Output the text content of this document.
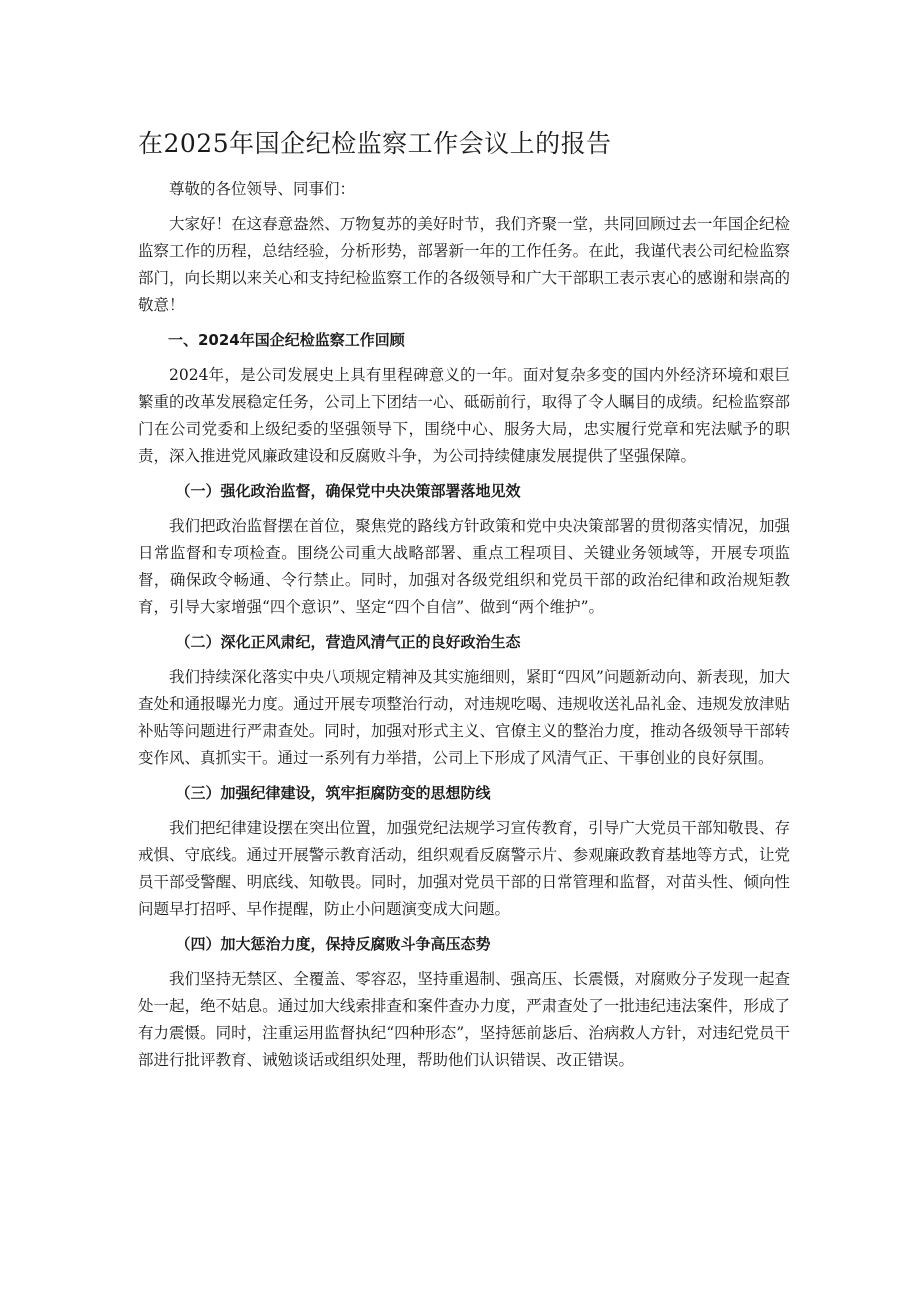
在2025年国企纪检监察工作会议上的报告

尊敬的各位领导、同事们：

大家好！在这春意盎然、万物复苏的美好时节，我们齐聚一堂，共同回顾过去一年国企纪检监察工作的历程，总结经验，分析形势，部署新一年的工作任务。在此，我谨代表公司纪检监察部门，向长期以来关心和支持纪检监察工作的各级领导和广大干部职工表示衷心的感谢和崇高的敬意！

一、2024年国企纪检监察工作回顾

2024年，是公司发展史上具有里程碑意义的一年。面对复杂多变的国内外经济环境和艰巨繁重的改革发展稳定任务，公司上下团结一心、砥砺前行，取得了令人瞩目的成绩。纪检监察部门在公司党委和上级纪委的坚强领导下，围绕中心、服务大局，忠实履行党章和宪法赋予的职责，深入推进党风廉政建设和反腐败斗争，为公司持续健康发展提供了坚强保障。

（一）强化政治监督，确保党中央决策部署落地见效

我们把政治监督摆在首位，聚焦党的路线方针政策和党中央决策部署的贯彻落实情况，加强日常监督和专项检查。围绕公司重大战略部署、重点工程项目、关键业务领域等，开展专项监督，确保政令畅通、令行禁止。同时，加强对各级党组织和党员干部的政治纪律和政治规矩教育，引导大家增强“四个意识”、坚定“四个自信”、做到“两个维护”。

（二）深化正风肃纪，营造风清气正的良好政治生态

我们持续深化落实中央八项规定精神及其实施细则，紧盯“四风”问题新动向、新表现，加大查处和通报曝光力度。通过开展专项整治行动，对违规吃喝、违规收送礼品礼金、违规发放津贴补贴等问题进行严肃查处。同时，加强对形式主义、官僚主义的整治力度，推动各级领导干部转变作风、真抓实干。通过一系列有力举措，公司上下形成了风清气正、干事创业的良好氛围。

（三）加强纪律建设，筑牢拒腐防变的思想防线

我们把纪律建设摆在突出位置，加强党纪法规学习宣传教育，引导广大党员干部知敬畏、存戒惧、守底线。通过开展警示教育活动，组织观看反腐警示片、参观廉政教育基地等方式，让党员干部受警醒、明底线、知敬畏。同时，加强对党员干部的日常管理和监督，对苗头性、倾向性问题早打招呼、早作提醒，防止小问题演变成大问题。

（四）加大惩治力度，保持反腐败斗争高压态势

我们坚持无禁区、全覆盖、零容忍，坚持重遏制、强高压、长震慑，对腐败分子发现一起查处一起，绝不姑息。通过加大线索排查和案件查办力度，严肃查处了一批违纪违法案件，形成了有力震慑。同时，注重运用监督执纪“四种形态”，坚持惩前毖后、治病救人方针，对违纪党员干部进行批评教育、诫勉谈话或组织处理，帮助他们认识错误、改正错误。
